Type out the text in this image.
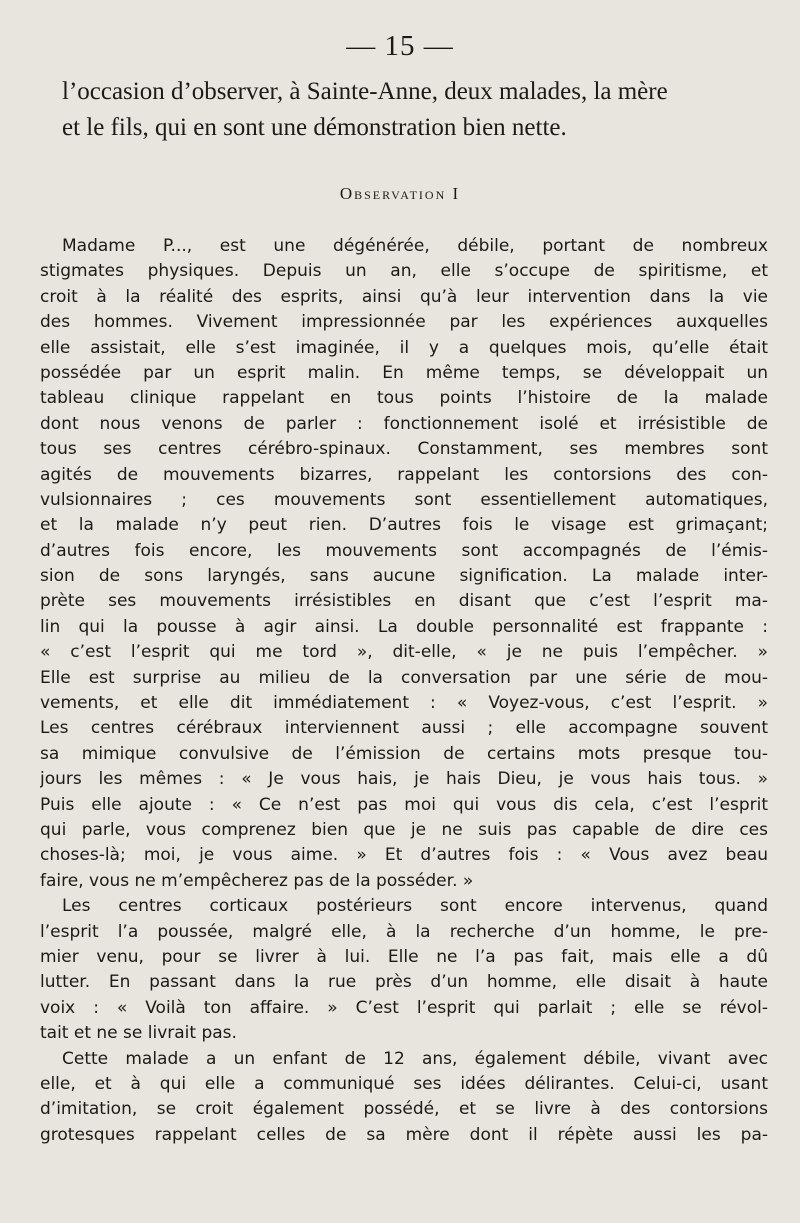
— 15 —
l’occasion d’observer, à Sainte-Anne, deux malades, la mère
et le fils, qui en sont une démonstration bien nette.
Observation I
Madame P..., est une dégénérée, débile, portant de nombreux
stigmates physiques. Depuis un an, elle s’occupe de spiritisme, et
croit à la réalité des esprits, ainsi qu’à leur intervention dans la vie
des hommes. Vivement impressionnée par les expériences auxquelles
elle assistait, elle s’est imaginée, il y a quelques mois, qu’elle était
possédée par un esprit malin. En même temps, se développait un
tableau clinique rappelant en tous points l’histoire de la malade
dont nous venons de parler : fonctionnement isolé et irrésistible de
tous ses centres cérébro-spinaux. Constamment, ses membres sont
agités de mouvements bizarres, rappelant les contorsions des con-
vulsionnaires ; ces mouvements sont essentiellement automatiques,
et la malade n’y peut rien. D’autres fois le visage est grimaçant;
d’autres fois encore, les mouvements sont accompagnés de l’émis-
sion de sons laryngés, sans aucune signification. La malade inter-
prète ses mouvements irrésistibles en disant que c’est l’esprit ma-
lin qui la pousse à agir ainsi. La double personnalité est frappante :
« c’est l’esprit qui me tord », dit-elle, « je ne puis l’empêcher. »
Elle est surprise au milieu de la conversation par une série de mou-
vements, et elle dit immédiatement : « Voyez-vous, c’est l’esprit. »
Les centres cérébraux interviennent aussi ; elle accompagne souvent
sa mimique convulsive de l’émission de certains mots presque tou-
jours les mêmes : « Je vous hais, je hais Dieu, je vous hais tous. »
Puis elle ajoute : « Ce n’est pas moi qui vous dis cela, c’est l’esprit
qui parle, vous comprenez bien que je ne suis pas capable de dire ces
choses-là; moi, je vous aime. » Et d’autres fois : « Vous avez beau
faire, vous ne m’empêcherez pas de la posséder. »
Les centres corticaux postérieurs sont encore intervenus, quand
l’esprit l’a poussée, malgré elle, à la recherche d’un homme, le pre-
mier venu, pour se livrer à lui. Elle ne l’a pas fait, mais elle a dû
lutter. En passant dans la rue près d’un homme, elle disait à haute
voix : « Voilà ton affaire. » C’est l’esprit qui parlait ; elle se révol-
tait et ne se livrait pas.
Cette malade a un enfant de 12 ans, également débile, vivant avec
elle, et à qui elle a communiqué ses idées délirantes. Celui-ci, usant
d’imitation, se croit également possédé, et se livre à des contorsions
grotesques rappelant celles de sa mère dont il répète aussi les pa-
